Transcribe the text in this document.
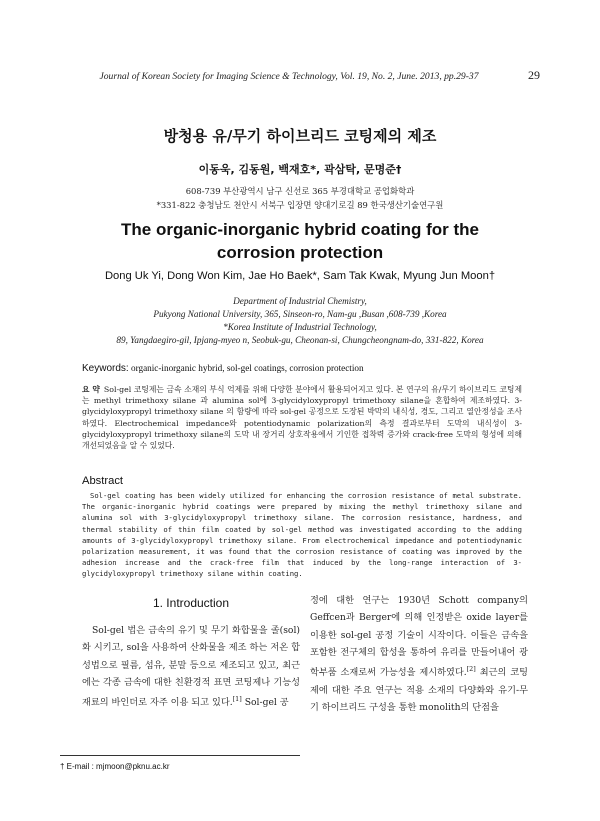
Journal of Korean Society for Imaging Science & Technology, Vol. 19, No. 2, June. 2013, pp.29-37	29
방청용 유/무기 하이브리드 코팅제의 제조
이동욱, 김동원, 백재호*, 곽삼탁, 문명준†
608-739 부산광역시 남구 신선로 365 부경대학교 공업화학과
*331-822 충청남도 천안시 서북구 입장면 양대기로길 89 한국생산기술연구원
The organic-inorganic hybrid coating for the corrosion protection
Dong Uk Yi, Dong Won Kim, Jae Ho Baek*, Sam Tak Kwak, Myung Jun Moon†
Department of Industrial Chemistry,
Pukyong National University, 365, Sinseon-ro, Nam-gu ,Busan ,608-739 ,Korea
*Korea Institute of Industrial Technology,
89, Yangdaegiro-gil, Ipjang-myeo n, Seobuk-gu, Cheonan-si, Chungcheongnam-do, 331-822, Korea
Keywords: organic-inorganic hybrid, sol-gel coatings, corrosion protection
요 약 Sol-gel 코팅제는 금속 소재의 부식 억제를 위해 다양한 분야에서 활용되어지고 있다. 본 연구의 유/무기 하이브리드 코팅제는 methyl trimethoxy silane 과 alumina sol에 3-glycidyloxypropyl trimethoxy silane을 혼합하여 제조하였다. 3-glycidyloxypropyl trimethoxy silane 의 함량에 따라 sol-gel 공정으로 도장된 박막의 내식성, 경도, 그리고 열안정성을 조사하였다. Electrochemical impedance와 potentiodynamic polarization의 측정 결과로부터 도막의 내식성이 3-glycidyloxypropyl trimethoxy silane의 도막 내 장거리 상호작용에서 기인한 접착력 증가와 crack-free 도막의 형성에 의해 개선되었음을 알 수 있었다.
Abstract
Sol-gel coating has been widely utilized for enhancing the corrosion resistance of metal substrate. The organic-inorganic hybrid coatings were prepared by mixing the methyl trimethoxy silane and alumina sol with 3-glycidyloxypropyl trimethoxy silane. The corrosion resistance, hardness, and thermal stability of thin film coated by sol-gel method was investigated according to the adding amounts of 3-glycidyloxypropyl trimethoxy silane. From electrochemical impedance and potentiodynamic polarization measurement, it was found that the corrosion resistance of coating was improved by the adhesion increase and the crack-free film that induced by the long-range interaction of 3-glycidyloxypropyl trimethoxy silane within coating.
1. Introduction

Sol-gel 법은 금속의 유기 및 무기 화합물을 졸(sol)화 시키고, sol을 사용하여 산화물을 제조 하는 저온 합성법으로 필름, 섬유, 분말 등으로 제조되고 있고, 최근에는 각종 금속에 대한 친환경적 표면 코팅제나 기능성 재료의 바인더로 자주 이용 되고 있다.[1] Sol-gel 공

정에 대한 연구는 1930년 Schott company의 Geffcen과 Berger에 의해 인정받은 oxide layer를 이용한 sol-gel 공정 기술이 시작이다. 이들은 금속을 포함한 전구체의 합성을 통하여 유리를 만들어내어 광학부품 소재로써 가능성을 제시하였다.[2] 최근의 코팅제에 대한 주요 연구는 적용 소재의 다양화와 유기-무기 하이브리드 구성을 통한 monolith의 단점을

† E-mail : mjmoon@pknu.ac.kr
